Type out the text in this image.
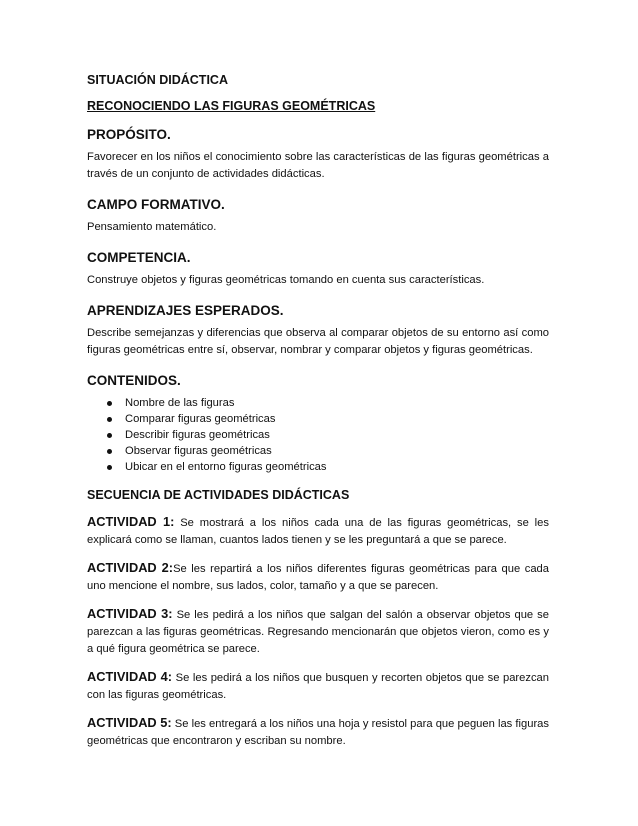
SITUACIÓN DIDÁCTICA
RECONOCIENDO LAS FIGURAS GEOMÉTRICAS
PROPÓSITO.

Favorecer en los niños el conocimiento sobre las características de las figuras geométricas a través de un conjunto de actividades didácticas.

CAMPO FORMATIVO.

Pensamiento matemático.

COMPETENCIA.

Construye objetos y figuras geométricas tomando en cuenta sus características.

APRENDIZAJES ESPERADOS.

Describe semejanzas y diferencias que observa al comparar objetos de su entorno así como figuras geométricas entre sí, observar, nombrar y comparar objetos y figuras geométricas.

CONTENIDOS.
Nombre de las figuras
Comparar figuras geométricas
Describir figuras geométricas
Observar figuras geométricas
Ubicar en el entorno figuras geométricas
SECUENCIA DE ACTIVIDADES DIDÁCTICAS

ACTIVIDAD 1: Se mostrará a los niños cada una de las figuras geométricas, se les explicará como se llaman, cuantos lados tienen y se les preguntará a que se parece.

ACTIVIDAD 2:Se les repartirá a los niños diferentes figuras geométricas para que cada uno mencione el nombre, sus lados, color, tamaño y a que se parecen.

ACTIVIDAD 3: Se les pedirá a los niños que salgan del salón a observar objetos que se parezcan a las figuras geométricas. Regresando mencionarán que objetos vieron, como es y a qué figura geométrica se parece.

ACTIVIDAD 4: Se les pedirá a los niños que busquen y recorten objetos que se parezcan con las figuras geométricas.

ACTIVIDAD 5: Se les entregará a los niños una hoja y resistol para que peguen las figuras geométricas que encontraron y escriban su nombre.
